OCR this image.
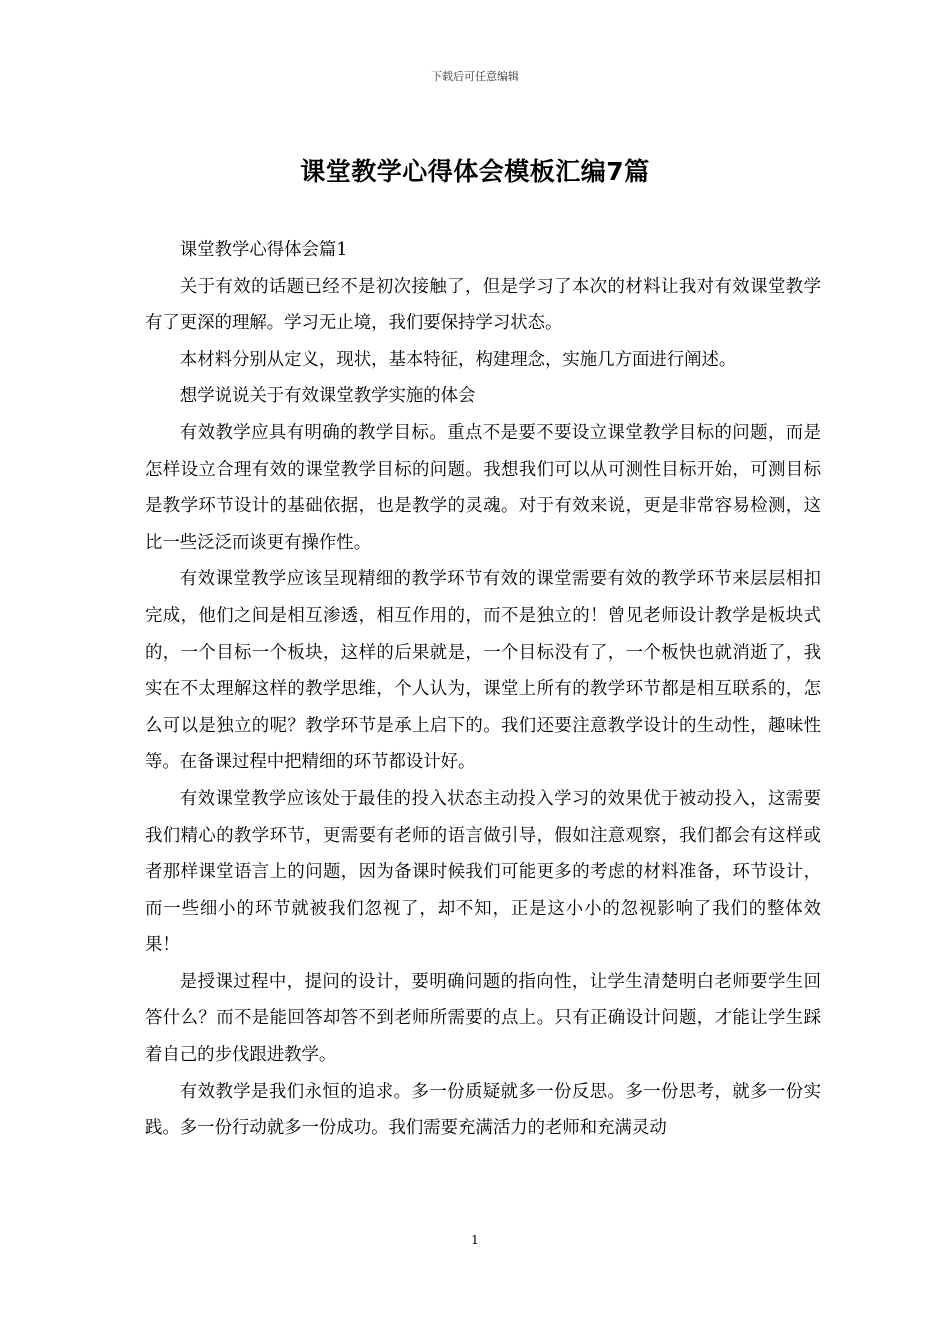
下载后可任意编辑
课堂教学心得体会模板汇编7篇

课堂教学心得体会篇1

关于有效的话题已经不是初次接触了，但是学习了本次的材料让我对有效课堂教学有了更深的理解。学习无止境，我们要保持学习状态。

本材料分别从定义，现状，基本特征，构建理念，实施几方面进行阐述。

想学说说关于有效课堂教学实施的体会

有效教学应具有明确的教学目标。重点不是要不要设立课堂教学目标的问题，而是怎样设立合理有效的课堂教学目标的问题。我想我们可以从可测性目标开始，可测目标是教学环节设计的基础依据，也是教学的灵魂。对于有效来说，更是非常容易检测，这比一些泛泛而谈更有操作性。

有效课堂教学应该呈现精细的教学环节有效的课堂需要有效的教学环节来层层相扣完成，他们之间是相互渗透，相互作用的，而不是独立的！曾见老师设计教学是板块式的，一个目标一个板块，这样的后果就是，一个目标没有了，一个板快也就消逝了，我实在不太理解这样的教学思维，个人认为，课堂上所有的教学环节都是相互联系的，怎么可以是独立的呢？教学环节是承上启下的。我们还要注意教学设计的生动性，趣味性等。在备课过程中把精细的环节都设计好。

有效课堂教学应该处于最佳的投入状态主动投入学习的效果优于被动投入，这需要我们精心的教学环节，更需要有老师的语言做引导，假如注意观察，我们都会有这样或者那样课堂语言上的问题，因为备课时候我们可能更多的考虑的材料准备，环节设计，而一些细小的环节就被我们忽视了，却不知，正是这小小的忽视影响了我们的整体效果！

是授课过程中，提问的设计，要明确问题的指向性，让学生清楚明白老师要学生回答什么？而不是能回答却答不到老师所需要的点上。只有正确设计问题，才能让学生踩着自己的步伐跟进教学。

有效教学是我们永恒的追求。多一份质疑就多一份反思。多一份思考，就多一份实践。多一份行动就多一份成功。我们需要充满活力的老师和充满灵动

1
